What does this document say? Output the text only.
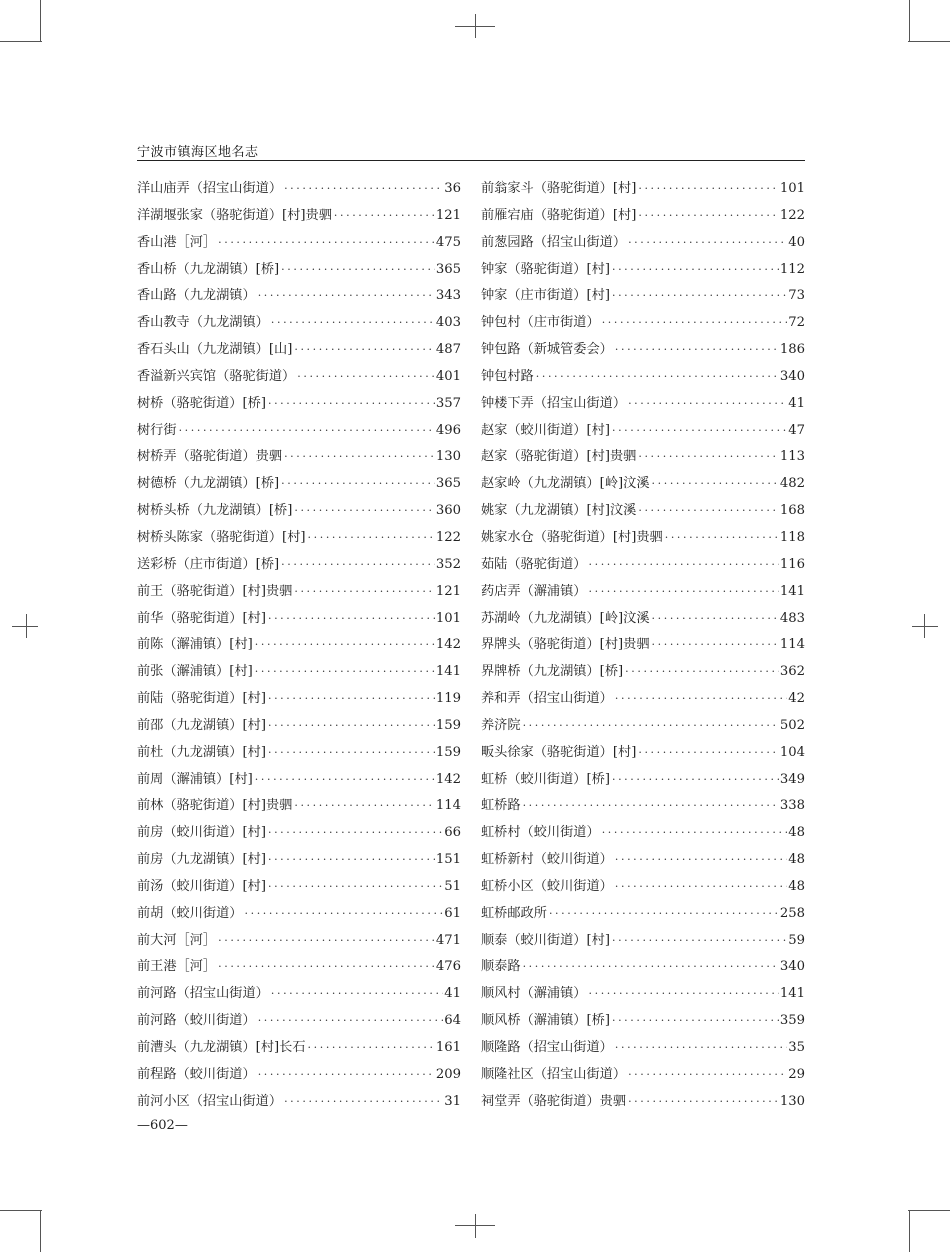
宁波市镇海区地名志
洋山庙弄（招宝山街道） ·····	36
洋湖堰张家（骆驼街道）[村]贵驷 ·····	121
香山港［河］ ·····	475
香山桥（九龙湖镇）[桥] ·····	365
香山路（九龙湖镇） ·····	343
香山教寺（九龙湖镇） ·····	403
香石头山（九龙湖镇）[山] ·····	487
香溢新兴宾馆（骆驼街道） ·····	401
树桥（骆驼街道）[桥] ·····	357
树行街 ·····	496
树桥弄（骆驼街道）贵驷 ·····	130
树德桥（九龙湖镇）[桥] ·····	365
树桥头桥（九龙湖镇）[桥] ·····	360
树桥头陈家（骆驼街道）[村] ·····	122
送彩桥（庄市街道）[桥] ·····	352
前王（骆驼街道）[村]贵驷 ·····	121
前华（骆驼街道）[村] ·····	101
前陈（澥浦镇）[村] ·····	142
前张（澥浦镇）[村] ·····	141
前陆（骆驼街道）[村] ·····	119
前邵（九龙湖镇）[村] ·····	159
前杜（九龙湖镇）[村] ·····	159
前周（澥浦镇）[村] ·····	142
前林（骆驼街道）[村]贵驷 ·····	114
前房（蛟川街道）[村] ·····	66
前房（九龙湖镇）[村] ·····	151
前汤（蛟川街道）[村] ·····	51
前胡（蛟川街道） ·····	61
前大河［河］ ·····	471
前王港［河］ ·····	476
前河路（招宝山街道） ·····	41
前河路（蛟川街道） ·····	64
前漕头（九龙湖镇）[村]长石 ·····	161
前程路（蛟川街道） ·····	209
前河小区（招宝山街道） ·····	31
前翁家斗（骆驼街道）[村] ·····	101
前雁宕庙（骆驼街道）[村] ·····	122
前葱园路（招宝山街道） ·····	40
钟家（骆驼街道）[村] ·····	112
钟家（庄市街道）[村] ·····	73
钟包村（庄市街道） ·····	72
钟包路（新城管委会） ·····	186
钟包村路 ·····	340
钟楼下弄（招宝山街道） ·····	41
赵家（蛟川街道）[村] ·····	47
赵家（骆驼街道）[村]贵驷 ·····	113
赵家岭（九龙湖镇）[岭]汶溪 ·····	482
姚家（九龙湖镇）[村]汶溪 ·····	168
姚家水仓（骆驼街道）[村]贵驷 ·····	118
茹陆（骆驼街道） ·····	116
药店弄（澥浦镇） ·····	141
苏湖岭（九龙湖镇）[岭]汶溪 ·····	483
界牌头（骆驼街道）[村]贵驷 ·····	114
界牌桥（九龙湖镇）[桥] ·····	362
养和弄（招宝山街道） ·····	42
养济院 ·····	502
畈头徐家（骆驼街道）[村] ·····	104
虹桥（蛟川街道）[桥] ·····	349
虹桥路 ·····	338
虹桥村（蛟川街道） ·····	48
虹桥新村（蛟川街道） ·····	48
虹桥小区（蛟川街道） ·····	48
虹桥邮政所 ·····	258
顺泰（蛟川街道）[村] ·····	59
顺泰路 ·····	340
顺风村（澥浦镇） ·····	141
顺风桥（澥浦镇）[桥] ·····	359
顺隆路（招宝山街道） ·····	35
顺隆社区（招宝山街道） ·····	29
祠堂弄（骆驼街道）贵驷 ·····	130
—602—
